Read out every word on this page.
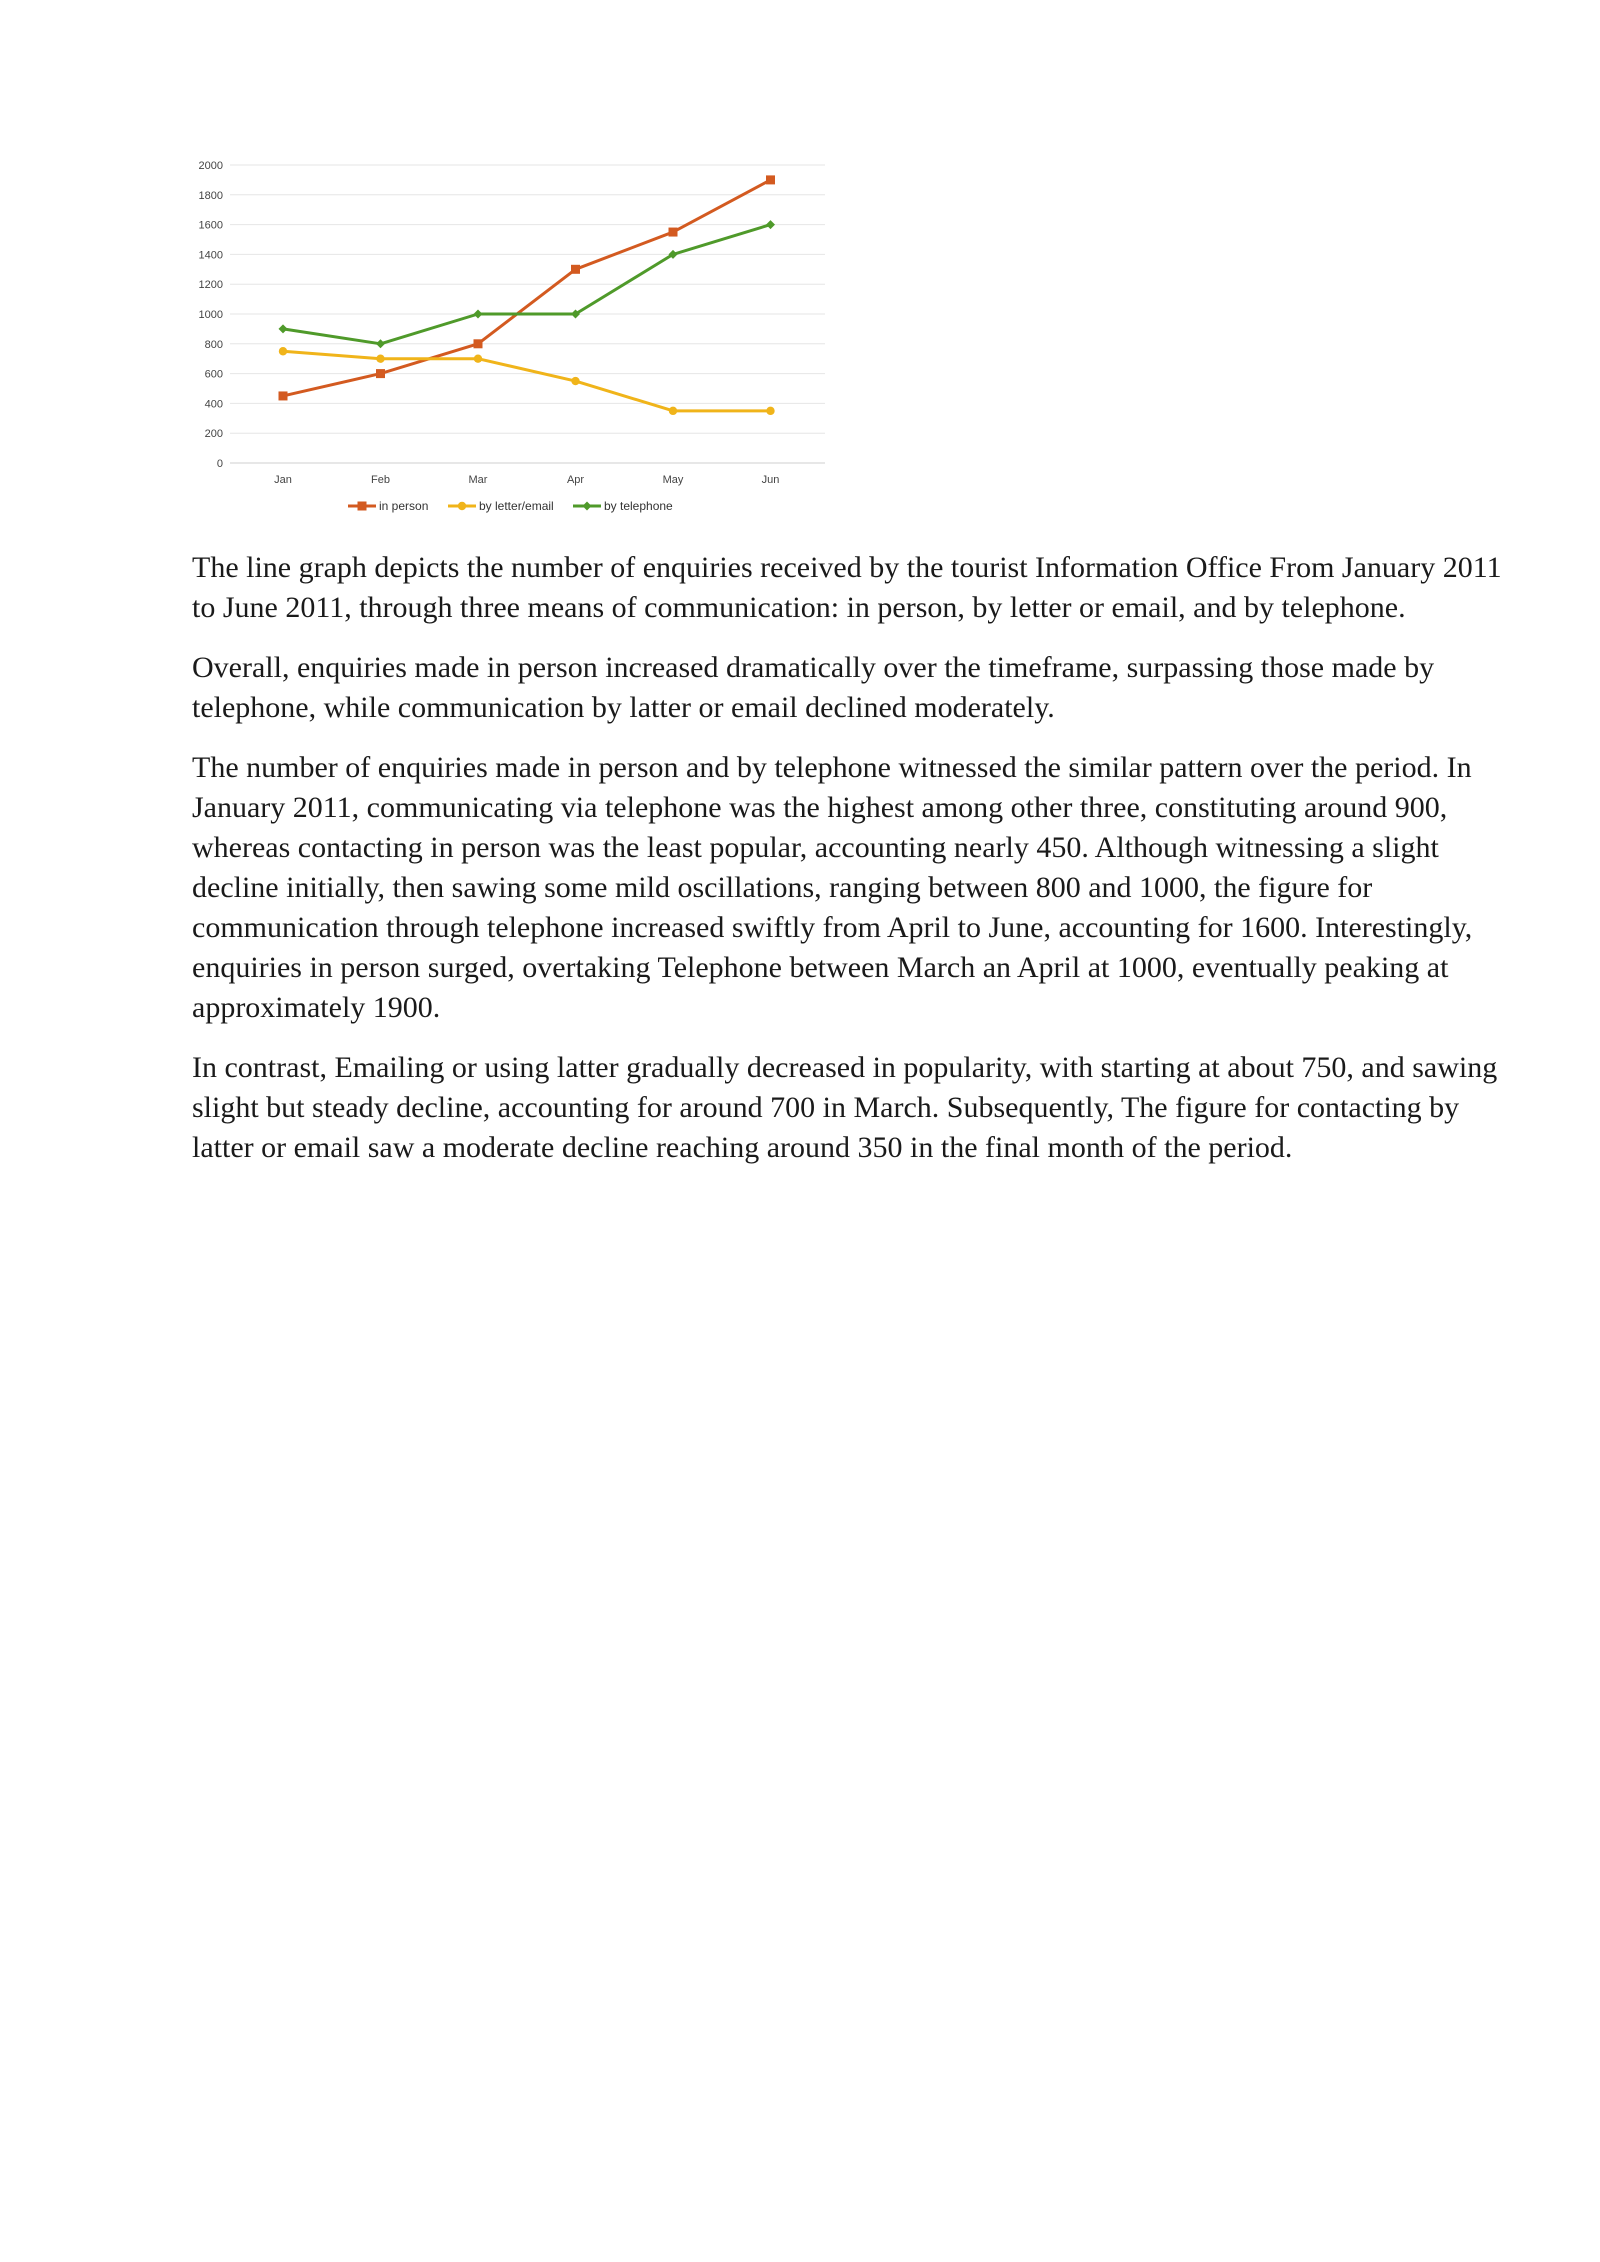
0
200
400
600
800
1000
1200
1400
1600
1800
2000
Jan	Feb	Mar	Apr	May	Jun
in person	by letter/email	by telephone

The line graph depicts the number of enquiries received by the tourist Information Office From January 2011 to June 2011, through three means of communication: in person, by letter or email, and by telephone.

Overall, enquiries made in person increased dramatically over the timeframe, surpassing those made by telephone, while communication by latter or email declined moderately.

The number of enquiries made in person and by telephone witnessed the similar pattern over the period. In January 2011, communicating via telephone was the highest among other three, constituting around 900, whereas contacting in person was the least popular, accounting nearly 450. Although witnessing a slight decline initially, then sawing some mild oscillations, ranging between 800 and 1000, the figure for communication through telephone increased swiftly from April to June, accounting for 1600. Interestingly, enquiries in person surged, overtaking Telephone between March an April at 1000, eventually peaking at approximately 1900.

In contrast, Emailing or using latter gradually decreased in popularity, with starting at about 750, and sawing slight but steady decline, accounting for around 700 in March. Subsequently, The figure for contacting by latter or email saw a moderate decline reaching around 350 in the final month of the period.
